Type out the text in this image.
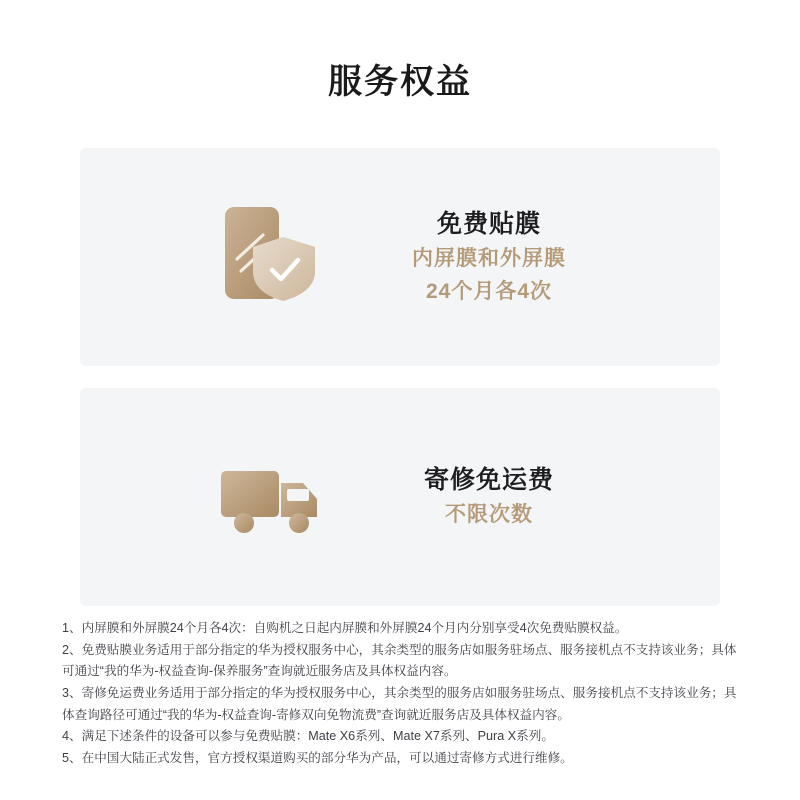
服务权益
免费贴膜
内屏膜和外屏膜
24个月各4次
寄修免运费
不限次数
1、内屏膜和外屏膜24个月各4次：自购机之日起内屏膜和外屏膜24个月内分别享受4次免费贴膜权益。
2、免费贴膜业务适用于部分指定的华为授权服务中心，其余类型的服务店如服务驻场点、服务接机点不支持该业务；具体可通过“我的华为-权益查询-保养服务”查询就近服务店及具体权益内容。
3、寄修免运费业务适用于部分指定的华为授权服务中心，其余类型的服务店如服务驻场点、服务接机点不支持该业务；具体查询路径可通过“我的华为-权益查询-寄修双向免物流费”查询就近服务店及具体权益内容。
4、满足下述条件的设备可以参与免费贴膜：Mate X6系列、Mate X7系列、Pura X系列。
5、在中国大陆正式发售，官方授权渠道购买的部分华为产品，可以通过寄修方式进行维修。
